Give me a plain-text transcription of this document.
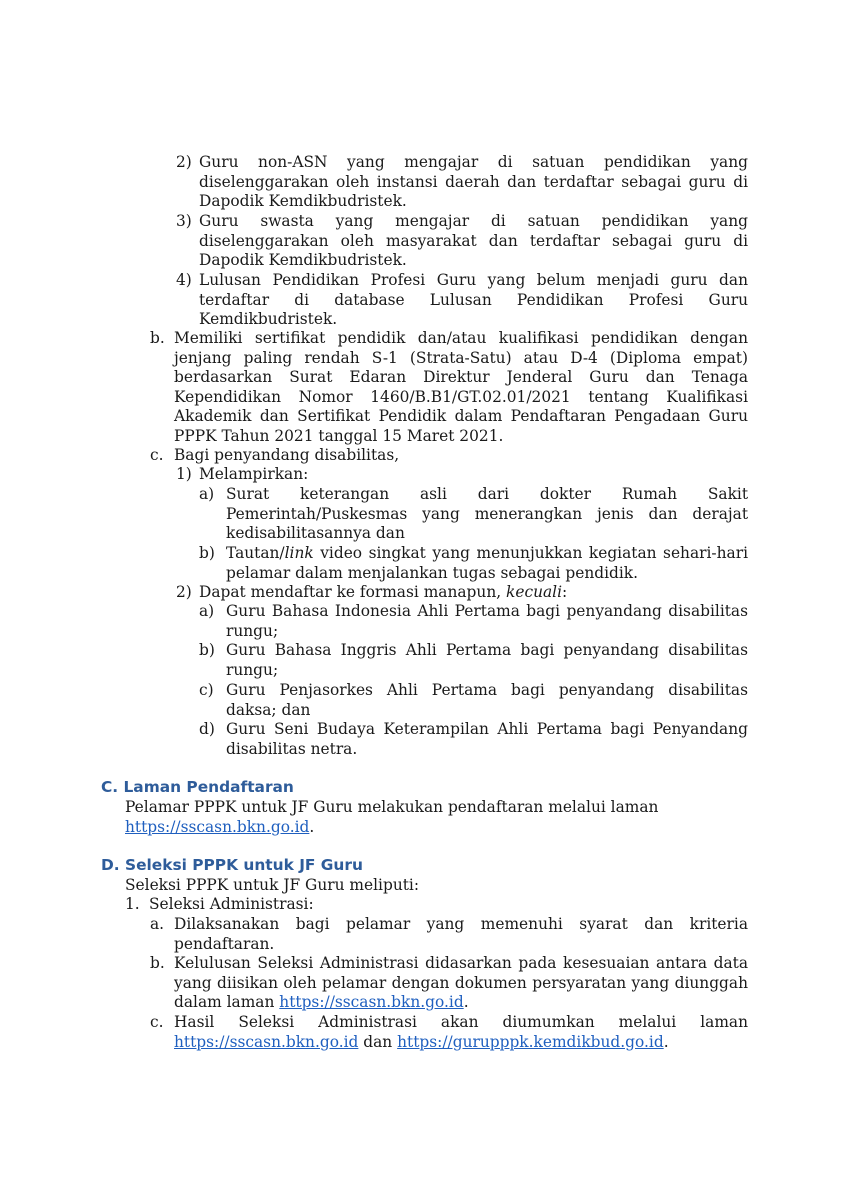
2) Guru non-ASN yang mengajar di satuan pendidikan yang diselenggarakan oleh instansi daerah dan terdaftar sebagai guru di Dapodik Kemdikbudristek.
3) Guru swasta yang mengajar di satuan pendidikan yang diselenggarakan oleh masyarakat dan terdaftar sebagai guru di Dapodik Kemdikbudristek.
4) Lulusan Pendidikan Profesi Guru yang belum menjadi guru dan terdaftar di database Lulusan Pendidikan Profesi Guru Kemdikbudristek.
b. Memiliki sertifikat pendidik dan/atau kualifikasi pendidikan dengan jenjang paling rendah S-1 (Strata-Satu) atau D-4 (Diploma empat) berdasarkan Surat Edaran Direktur Jenderal Guru dan Tenaga Kependidikan Nomor 1460/B.B1/GT.02.01/2021 tentang Kualifikasi Akademik dan Sertifikat Pendidik dalam Pendaftaran Pengadaan Guru PPPK Tahun 2021 tanggal 15 Maret 2021.
c. Bagi penyandang disabilitas,
1) Melampirkan:
a) Surat keterangan asli dari dokter Rumah Sakit Pemerintah/Puskesmas yang menerangkan jenis dan derajat kedisabilitasannya dan
b) Tautan/link video singkat yang menunjukkan kegiatan sehari-hari pelamar dalam menjalankan tugas sebagai pendidik.
2) Dapat mendaftar ke formasi manapun, kecuali:
a) Guru Bahasa Indonesia Ahli Pertama bagi penyandang disabilitas rungu;
b) Guru Bahasa Inggris Ahli Pertama bagi penyandang disabilitas rungu;
c) Guru Penjasorkes Ahli Pertama bagi penyandang disabilitas daksa; dan
d) Guru Seni Budaya Keterampilan Ahli Pertama bagi Penyandang disabilitas netra.
C. Laman Pendaftaran
Pelamar PPPK untuk JF Guru melakukan pendaftaran melalui laman
https://sscasn.bkn.go.id.
D. Seleksi PPPK untuk JF Guru
Seleksi PPPK untuk JF Guru meliputi:
1. Seleksi Administrasi:
a. Dilaksanakan bagi pelamar yang memenuhi syarat dan kriteria pendaftaran.
b. Kelulusan Seleksi Administrasi didasarkan pada kesesuaian antara data yang diisikan oleh pelamar dengan dokumen persyaratan yang diunggah dalam laman https://sscasn.bkn.go.id.
c. Hasil Seleksi Administrasi akan diumumkan melalui laman https://sscasn.bkn.go.id dan https://gurupppk.kemdikbud.go.id.
